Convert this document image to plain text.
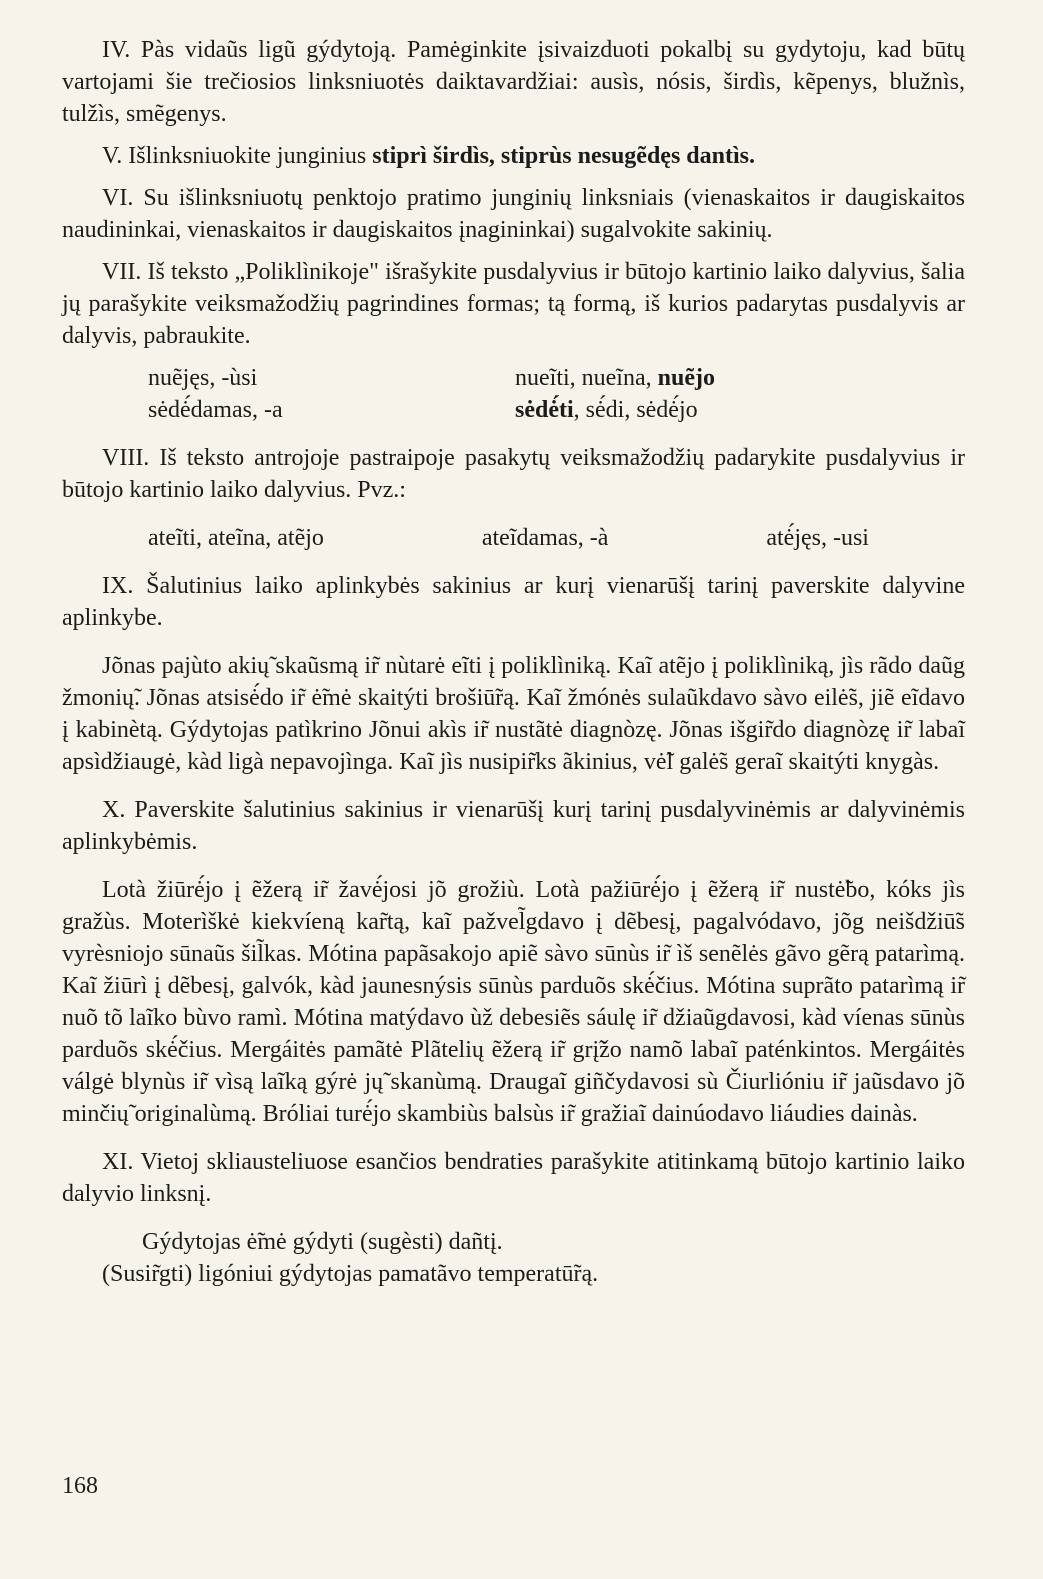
IV. Pàs vidaũs ligũ gýdytoją. Pamėginkite įsivaizduoti pokalbį su gydytoju, kad būtų vartojami šie trečiosios linksniuotės daiktavardžiai: ausìs, nósis, širdìs, kẽpenys, blužnìs, tulžìs, smẽgenys.

V. Išlinksniuokite junginius stiprì širdìs, stiprùs nesugẽdęs dantìs.

VI. Su išlinksniuotų penktojo pratimo junginių linksniais (vienaskaitos ir daugiskaitos naudininkai, vienaskaitos ir daugiskaitos įnagininkai) sugalvokite sakinių.

VII. Iš teksto „Poliklìnikoje" išrašykite pusdalyvius ir būtojo kartinio laiko dalyvius, šalia jų parašykite veiksmažodžių pagrindines formas; tą formą, iš kurios padarytas pusdalyvis ar dalyvis, pabraukite.

nuẽjęs, -ùsi	nueĩti, nueĩna, nuẽjo
sėdė́damas, -a	sėdė́ti, sė́di, sėdė́jo

VIII. Iš teksto antrojoje pastraipoje pasakytų veiksmažodžių padarykite pusdalyvius ir būtojo kartinio laiko dalyvius. Pvz.:

ateĩti, ateĩna, atẽjo	ateĩdamas, -à	atė́jęs, -usi

IX. Šalutinius laiko aplinkybės sakinius ar kurį vienarūšį tarinį paverskite dalyvine aplinkybe.

Jõnas pajùto akių̃ skaũsmą ir̃ nùtarė eĩti į poliklìniką. Kaĩ atẽjo į poliklìniką, jìs rãdo daũg žmonių̃. Jõnas atsisė́do ir̃ ė̃mė skaitýti brošiū̃rą. Kaĩ žmónės sulaũkdavo sàvo eilė̃s, jiẽ eĩdavo į kabinètą. Gýdytojas patìkrino Jõnui akìs ir̃ nustãtė diagnòzę. Jõnas išgir̃do diagnòzę ir̃ labaĩ apsìdžiaugė, kàd ligà nepavojìnga. Kaĩ jìs nusipir̃ks ãkinius, vė̃l galė̃s geraĩ skaitýti knygàs.

X. Paverskite šalutinius sakinius ir vienarūšį kurį tarinį pusdalyvinėmis ar dalyvinėmis aplinkybėmis.

Lotà žiūrė́jo į ẽžerą ir̃ žavė́josi jõ grožiù. Lotà pažiūrė́jo į ẽžerą ir̃ nustė̃bo, kóks jìs gražùs. Moterìškė kiekvíeną kar̃tą, kaĩ pažvel̃gdavo į dẽbesį, pagalvódavo, jõg neišdžiū̃s vyrèsniojo sūnaũs šil̃kas. Mótina papãsakojo apiẽ sàvo sūnùs ir̃ ìš senẽlės gãvo gẽrą patarìmą. Kaĩ žiūrì į dẽbesį, galvók, kàd jaunesnýsis sūnùs parduõs skė́čius. Mótina suprãto patarìmą ir̃ nuõ tõ laĩko bùvo ramì. Mótina matýdavo ùž debesiẽs sáulę ir̃ džiaũgdavosi, kàd víenas sūnùs parduõs skė́čius. Mergáitės pamãtė Plãtelių ẽžerą ir̃ grį̃žo namõ labaĩ paténkintos. Mergáitės válgė blynùs ir̃ vìsą laĩką gýrė jų̃ skanùmą. Draugaĩ giñčydavosi sù Čiurlióniu ir̃ jaũsdavo jõ minčių̃ originalùmą. Bróliai turė́jo skambiùs balsùs ir̃ gražiaĩ dainúodavo liáudies dainàs.

XI. Vietoj skliausteliuose esančios bendraties parašykite atitinkamą būtojo kartinio laiko dalyvio linksnį.

Gýdytojas ė̃mė gýdyti (sugèsti) dañtį.
(Susir̃gti) ligóniui gýdytojas pamatãvo temperatū̃rą.
168
